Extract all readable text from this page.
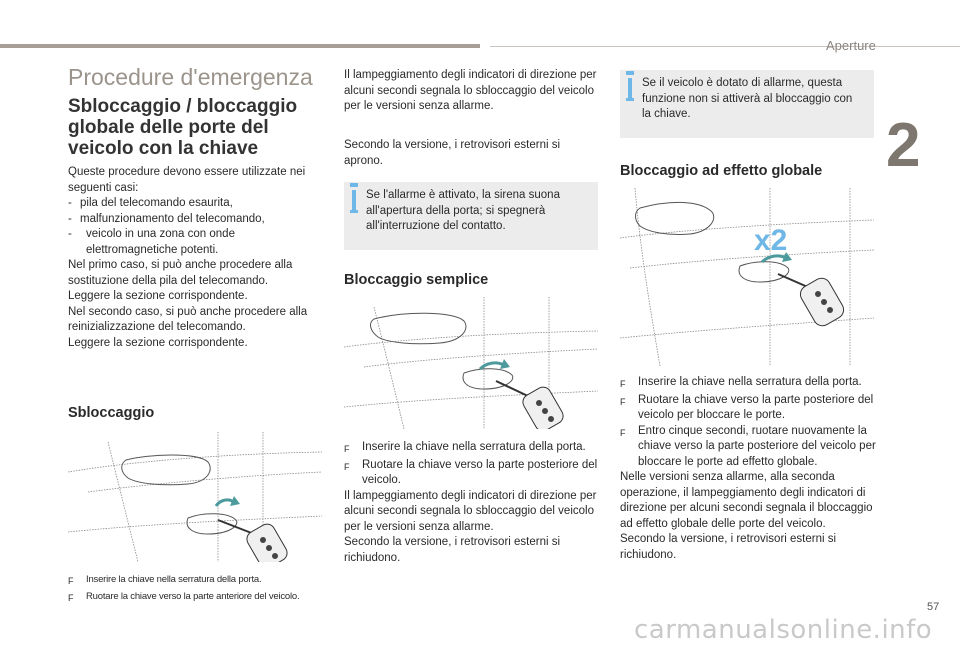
Aperture
2
Procedure d'emergenza
Sbloccaggio / bloccaggio globale delle porte del veicolo con la chiave

Queste procedure devono essere utilizzate nei seguenti casi:

-	pila del telecomando esaurita,

-	malfunzionamento del telecomando,

-	veicolo in una zona con onde elettromagnetiche potenti.

Nel primo caso, si può anche procedere alla sostituzione della pila del telecomando.

Leggere la sezione corrispondente.

Nel secondo caso, si può anche procedere alla reinizializzazione del telecomando.

Leggere la sezione corrispondente.

Sbloccaggio
F	Inserire la chiave nella serratura della porta.
F	Ruotare la chiave verso la parte anteriore del veicolo.
Il lampeggiamento degli indicatori di direzione per alcuni secondi segnala lo sbloccaggio del veicolo per le versioni senza allarme.
Secondo la versione, i retrovisori esterni si aprono.
Se l'allarme è attivato, la sirena suona all'apertura della porta; si spegnerà all'interruzione del contatto.
Bloccaggio semplice
F	Inserire la chiave nella serratura della porta.
F	Ruotare la chiave verso la parte posteriore del veicolo.

Il lampeggiamento degli indicatori di direzione per alcuni secondi segnala lo sbloccaggio del veicolo per le versioni senza allarme.

Secondo la versione, i retrovisori esterni si richiudono.

Se il veicolo è dotato di allarme, questa funzione non si attiverà al bloccaggio con la chiave.
Bloccaggio ad effetto globale
x2
F	Inserire la chiave nella serratura della porta.
F	Ruotare la chiave verso la parte posteriore del veicolo per bloccare le porte.
F	Entro cinque secondi, ruotare nuovamente la chiave verso la parte posteriore del veicolo per bloccare le porte ad effetto globale.

Nelle versioni senza allarme, alla seconda operazione, il lampeggiamento degli indicatori di direzione per alcuni secondi segnala il bloccaggio ad effetto globale delle porte del veicolo.

Secondo la versione, i retrovisori esterni si richiudono.

57
carmanualsonline.info
